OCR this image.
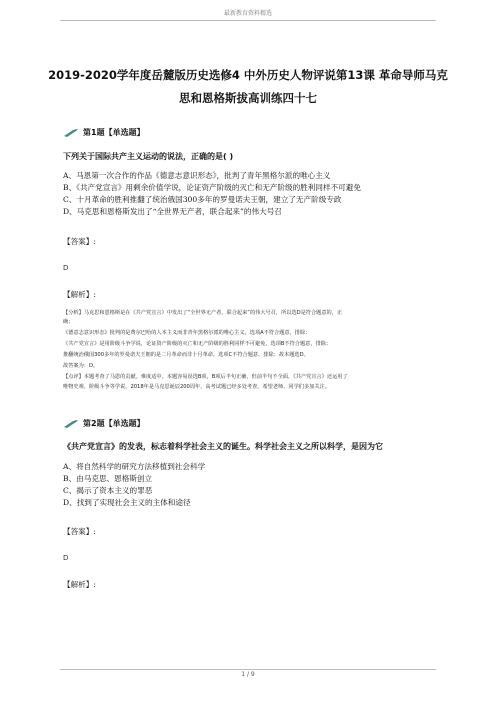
最新教育资料精选
2019-2020学年度岳麓版历史选修4 中外历史人物评说第13课 革命导师马克
思和恩格斯拔高训练四十七
第1题【单选题】
下列关于国际共产主义运动的说法，正确的是( )
A、马恩第一次合作的作品《德意志意识形态》，批判了青年黑格尔派的唯心主义
B、《共产党宣言》用剩余价值学说，论证资产阶级的灭亡和无产阶级的胜利同样不可避免
C、十月革命的胜利推翻了统治俄国300多年的罗曼诺夫王朝，建立了无产阶级专政
D、马克思和恩格斯发出了“全世界无产者，联合起来”的伟大号召
【答案】:
D
【解析】:
【分析】马克思和恩格斯是在《共产党宣言》中发出了“全世界无产者，联合起来”的伟大号召，所以选D是符合题意的，正
确；
《德意志意识形态》批判的是费尔巴哈的人本主义而非青年黑格尔派的唯心主义，选项A不符合题意，排除；
《共产党宣言》是用阶级斗争学说，论证资产阶级的灭亡和无产阶级的胜利同样不可避免，选项B不符合题意，排除；
推翻统治俄国300多年的罗曼诺夫王朝的是二月革命而非十月革命，选项C不符合题意，排除；故本题选D。
故答案为：D。
【点评】本题考查了马恩的贡献。难度适中。本题容易误选B项，B项后半句正确，但前半句不全面，《共产党宣言》还运用了
唯物史观、阶级斗争等学说。2018年是马克思诞辰200周年，高考试题已经多处考查，希望老师、同学们多加关注。
第2题【单选题】
《共产党宣言》的发表，标志着科学社会主义的诞生。科学社会主义之所以科学，是因为它
A、将自然科学的研究方法移植到社会科学
B、由马克思、恩格斯创立
C、揭示了资本主义的罪恶
D、找到了实现社会主义的主体和途径
【答案】:
D
【解析】:
1 / 9
